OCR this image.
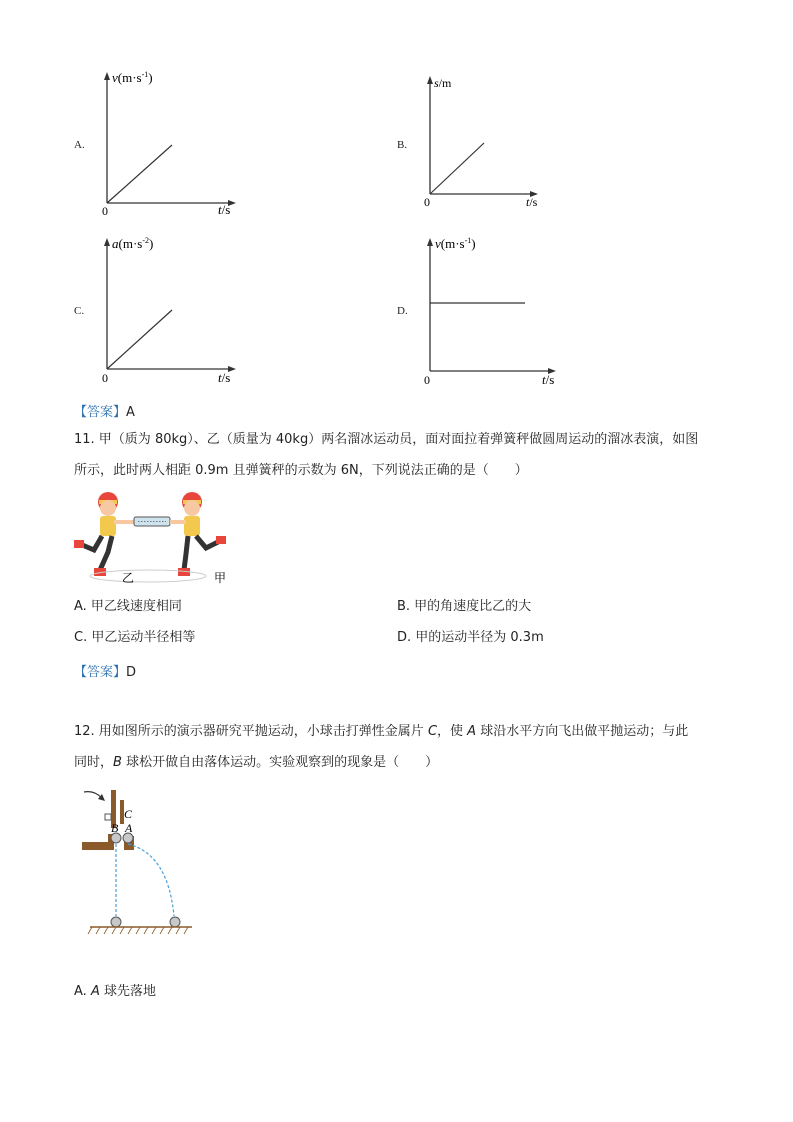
A.
$v(m\cdot s^{-1})$
0	t/s
B.
s/m
0	t/s
C.
$a(m\cdot s^{-2})$
0	t/s
D.
$v(m\cdot s^{-1})$
0	t/s
【答案】A
11. 甲（质为 80kg）、乙（质量为 40kg）两名溜冰运动员，面对面拉着弹簧秤做圆周运动的溜冰表演，如图
所示，此时两人相距 0.9m 且弹簧秤的示数为 6N，下列说法正确的是（　　）
乙	甲
A. 甲乙线速度相同	B. 甲的角速度比乙的大
C. 甲乙运动半径相等	D. 甲的运动半径为 0.3m
【答案】D
12. 用如图所示的演示器研究平抛运动，小球击打弹性金属片 C，使 A 球沿水平方向飞出做平抛运动；与此
同时，B 球松开做自由落体运动。实验观察到的现象是（　　）
C
B A
A. A 球先落地
